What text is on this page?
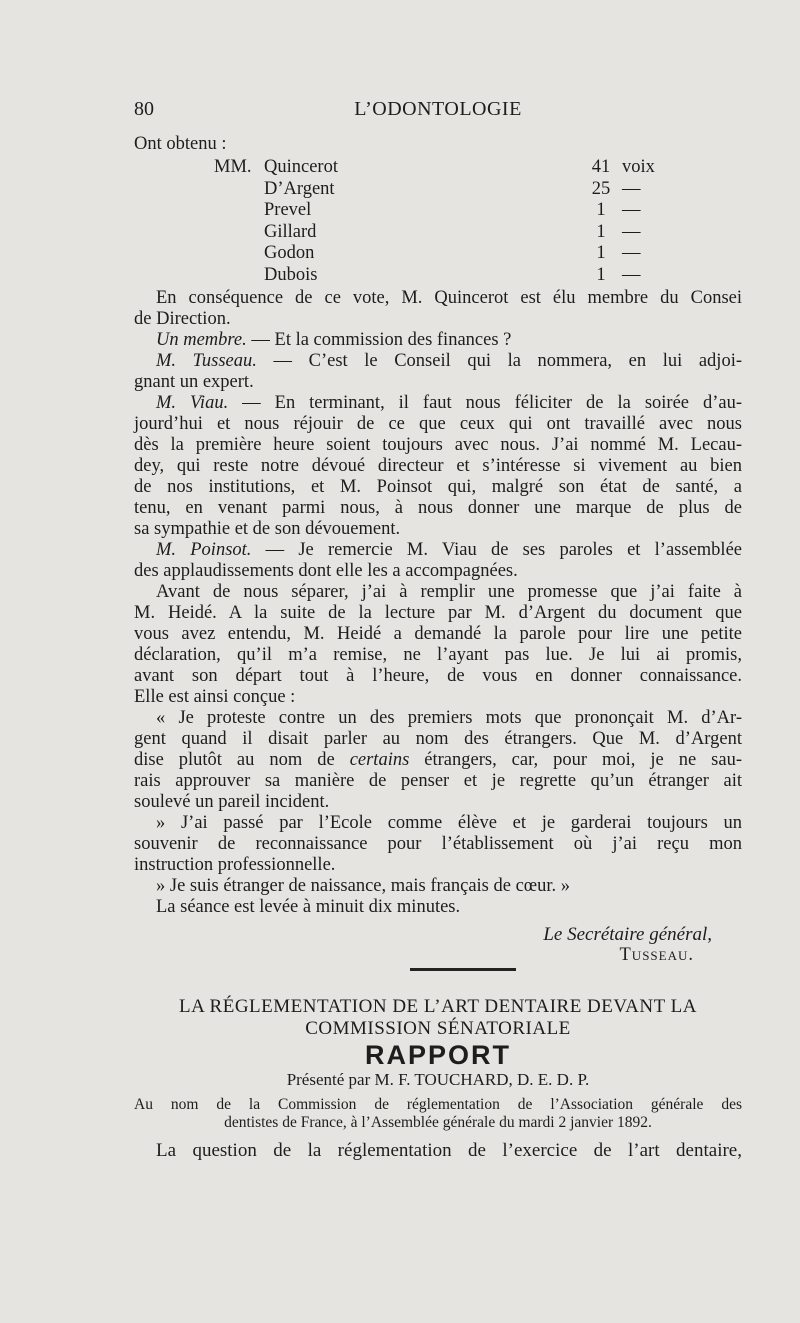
80	L’ODONTOLOGIE
Ont obtenu :
MM. Quincerot	41 voix
D’Argent	25 —
Prevel	1 —
Gillard	1 —
Godon	1 —
Dubois	1 —
En conséquence de ce vote, M. Quincerot est élu membre du Consei
de Direction.
Un membre. — Et la commission des finances ?
M. Tusseau. — C’est le Conseil qui la nommera, en lui adjoi-
gnant un expert.
M. Viau. — En terminant, il faut nous féliciter de la soirée d’au-
jourd’hui et nous réjouir de ce que ceux qui ont travaillé avec nous
dès la première heure soient toujours avec nous. J’ai nommé M. Lecau-
dey, qui reste notre dévoué directeur et s’intéresse si vivement au bien
de nos institutions, et M. Poinsot qui, malgré son état de santé, a
tenu, en venant parmi nous, à nous donner une marque de plus de
sa sympathie et de son dévouement.
M. Poinsot. — Je remercie M. Viau de ses paroles et l’assemblée
des applaudissements dont elle les a accompagnées.
Avant de nous séparer, j’ai à remplir une promesse que j’ai faite à
M. Heidé. A la suite de la lecture par M. d’Argent du document que
vous avez entendu, M. Heidé a demandé la parole pour lire une petite
déclaration, qu’il m’a remise, ne l’ayant pas lue. Je lui ai promis,
avant son départ tout à l’heure, de vous en donner connaissance.
Elle est ainsi conçue :
« Je proteste contre un des premiers mots que prononçait M. d’Ar-
gent quand il disait parler au nom des étrangers. Que M. d’Argent
dise plutôt au nom de certains étrangers, car, pour moi, je ne sau-
rais approuver sa manière de penser et je regrette qu’un étranger ait
soulevé un pareil incident.
» J’ai passé par l’Ecole comme élève et je garderai toujours un
souvenir de reconnaissance pour l’établissement où j’ai reçu mon
instruction professionnelle.
» Je suis étranger de naissance, mais français de cœur. »
La séance est levée à minuit dix minutes.
Le Secrétaire général,
Tusseau.
LA RÉGLEMENTATION DE L’ART DENTAIRE DEVANT LA
COMMISSION SÉNATORIALE
RAPPORT
Présenté par M. F. TOUCHARD, D. E. D. P.
Au nom de la Commission de réglementation de l’Association générale des
dentistes de France, à l’Assemblée générale du mardi 2 janvier 1892.
La question de la réglementation de l’exercice de l’art dentaire,
